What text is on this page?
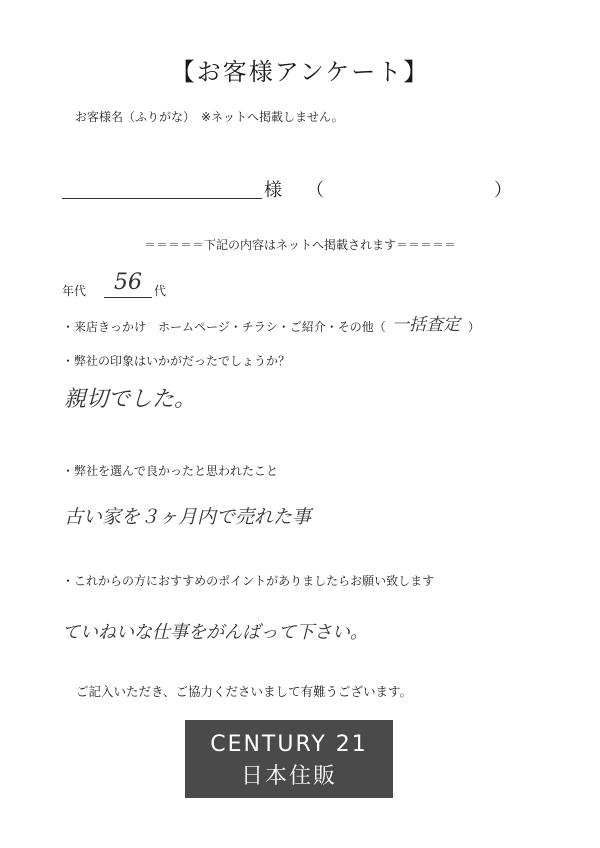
【お客様アンケート】
お客様名（ふりがな）　※ネットへ掲載しません。
様 （	）
＝＝＝＝＝下記の内容はネットへ掲載されます＝＝＝＝＝
年代 56 代
・来店きっかけ　ホームページ・チラシ・ご紹介・その他（ 一括査定 ）
・弊社の印象はいかがだったでしょうか？
親切でした。
・弊社を選んで良かったと思われたこと
古い家を３ヶ月内で売れた事
・これからの方におすすめのポイントがありましたらお願い致します
ていねいな仕事をがんばって下さい。
ご記入いただき、ご協力くださいまして有難うございます。
CENTURY 21
日本住販
